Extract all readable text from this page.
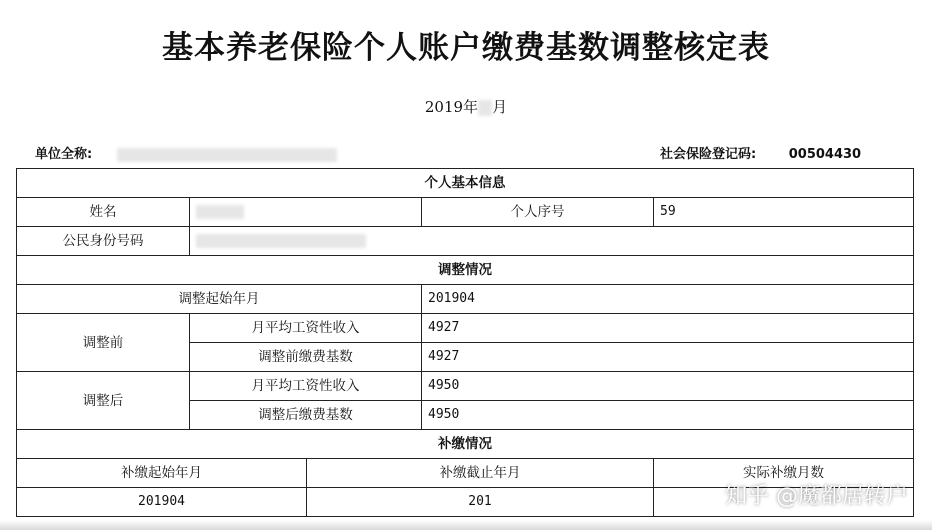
基本养老保险个人账户缴费基数调整核定表
2019年 月
单位全称:	社会保险登记码:	00504430
个人基本信息				
姓名			个人序号	59
公民身份号码				
调整情况				
调整起始年月			201904	
调整前	月平均工资性收入		4927	
	调整前缴费基数		4927	
调整后	月平均工资性收入		4950	
	调整后缴费基数		4950	
补缴情况				
补缴起始年月		补缴截止年月		实际补缴月数
201904		201			知乎 @魔都居转户
